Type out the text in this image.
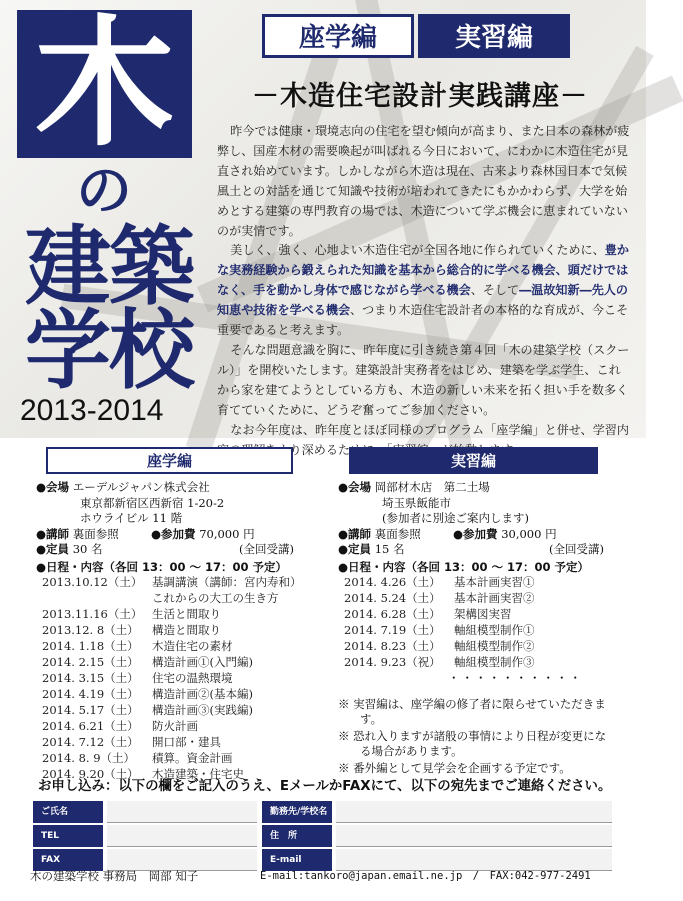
木
の
建築
学校
2013-2014
座学編	実習編
－木造住宅設計実践講座－

昨今では健康・環境志向の住宅を望む傾向が高まり、また日本の森林が疲弊し、国産木材の需要喚起が叫ばれる今日において、にわかに木造住宅が見直され始めています。しかしながら木造は現在、古来より森林国日本で気候風土との対話を通じて知識や技術が培われてきたにもかかわらず、大学を始めとする建築の専門教育の場では、木造について学ぶ機会に恵まれていないのが実情です。

美しく、強く、心地よい木造住宅が全国各地に作られていくために、豊かな実務経験から鍛えられた知識を基本から総合的に学べる機会、頭だけではなく、手を動かし身体で感じながら学べる機会、そして―温故知新―先人の知恵や技術を学べる機会、つまり木造住宅設計者の本格的な育成が、今こそ重要であると考えます。

そんな問題意識を胸に、昨年度に引き続き第４回「木の建築学校（スクール）」を開校いたします。建築設計実務者をはじめ、建築を学ぶ学生、これから家を建てようとしている方も、木造の新しい未来を拓く担い手を数多く育てていくために、どうぞ奮ってご参加ください。

なお今年度は、昨年度とほぼ同様のプログラム「座学編」と併せ、学習内 解をより深めるた

座学編	実習編
●会場 エーデルジャパン株式会社
東京都新宿区西新宿 1-20-2
ホウライビル 11 階
●講師 裏面参照	●参加費 70,000 円
●定員 30 名	(全回受講)
●日程・内容（各回 13：00 ～ 17：00 予定）
2013.10.12（土） 基調講演（講師：宮内寿和）
これからの大工の生き方
2013.11.16（土） 生活と間取り
2013.12. 8（土） 構造と間取り
2014. 1.18（土） 木造住宅の素材
2014. 2.15（土） 構造計画①(入門編)
2014. 3.15（土） 住宅の温熱環境
2014. 4.19（土） 構造計画②(基本編)
2014. 5.17（土） 構造計画③(実践編)
2014. 6.21（土） 防火計画
2014. 7.12（土） 開口部・建具
2014. 8. 9（土） 積算。資金計画
2014. 9.20（土） 木造建築・住宅史
●会場 岡部材木店　第二土場
埼玉県飯能市
(参加者に別途ご案内します)
●講師 裏面参照	●参加費 30,000 円
●定員 15 名	(全回受講)
●日程・内容（各回 13：00 ～ 17：00 予定）
2014. 4.26（土） 基本計画実習①
2014. 5.24（土） 基本計画実習②
2014. 6.28（土） 架構図実習
2014. 7.19（土） 軸組模型制作①
2014. 8.23（土） 軸組模型制作②
2014. 9.23（祝） 軸組模型制作③
・・・・・・・・・・
※ 実習編は、座学編の修了者に限らせていただきます。
※ 恐れ入りますが諸般の事情により日程が変更になる場合があります。
※ 番外編として見学会を企画する予定です。
お申し込み：以下の欄をご記入のうえ、EメールかFAXにて、以下の宛先までご連絡ください。
ご氏名
TEL
FAX
勤務先/学校名
住　所
E-mail
木の建築学校 事務局　岡部 知子	E-mail:tankoro@japan.email.ne.jp　/　FAX:042-977-2491
